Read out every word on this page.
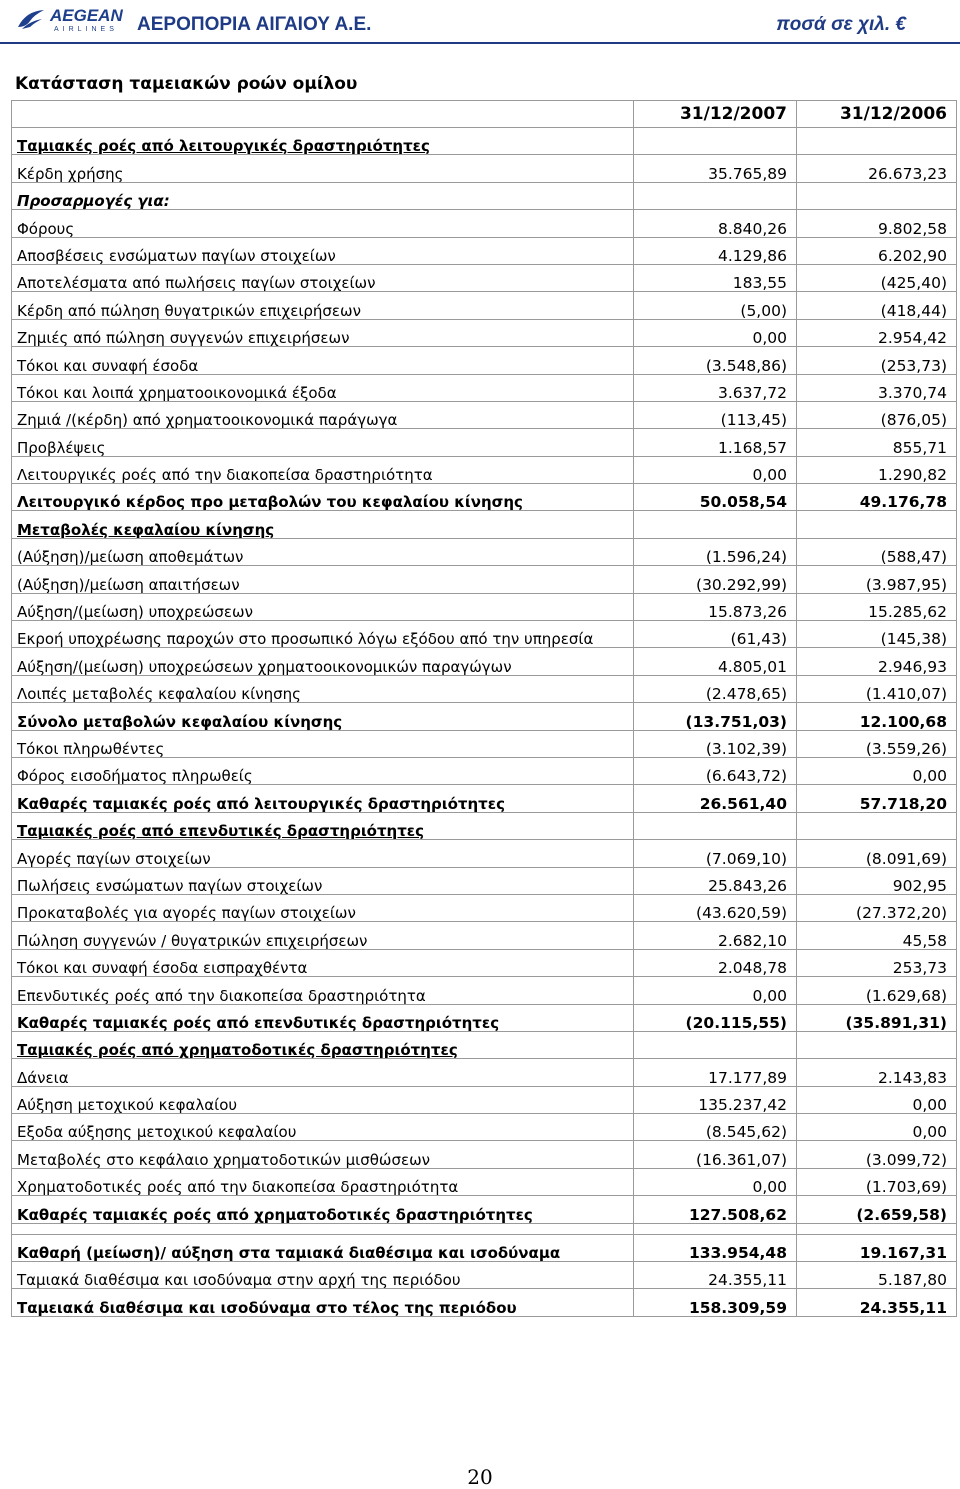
AEGEAN
AIRLINES ΑΕΡΟΠΟΡΙΑ ΑΙΓΑΙΟΥ Α.Ε.	ποσά σε χιλ. €
Κατάσταση ταμειακών ροών ομίλου
	31/12/2007	31/12/2006
Ταμιακές ροές από λειτουργικές δραστηριότητες		
Κέρδη χρήσης	35.765,89	26.673,23
Προσαρμογές για:		
Φόρους	8.840,26	9.802,58
Αποσβέσεις ενσώματων παγίων στοιχείων	4.129,86	6.202,90
Αποτελέσματα από πωλήσεις παγίων στοιχείων	183,55	(425,40)
Κέρδη από πώληση θυγατρικών επιχειρήσεων	(5,00)	(418,44)
Ζημιές από πώληση συγγενών επιχειρήσεων	0,00	2.954,42
Τόκοι και συναφή έσοδα	(3.548,86)	(253,73)
Τόκοι και λοιπά χρηματοοικονομικά έξοδα	3.637,72	3.370,74
Ζημιά /(κέρδη) από χρηματοοικονομικά παράγωγα	(113,45)	(876,05)
Προβλέψεις	1.168,57	855,71
Λειτουργικές ροές από την διακοπείσα δραστηριότητα	0,00	1.290,82
Λειτουργικό κέρδος προ μεταβολών του κεφαλαίου κίνησης	50.058,54	49.176,78
Μεταβολές κεφαλαίου κίνησης		
(Αύξηση)/μείωση αποθεμάτων	(1.596,24)	(588,47)
(Αύξηση)/μείωση απαιτήσεων	(30.292,99)	(3.987,95)
Αύξηση/(μείωση) υποχρεώσεων	15.873,26	15.285,62
Εκροή υποχρέωσης παροχών στο προσωπικό λόγω εξόδου από την υπηρεσία	(61,43)	(145,38)
Αύξηση/(μείωση) υποχρεώσεων χρηματοοικονομικών παραγώγων	4.805,01	2.946,93
Λοιπές μεταβολές κεφαλαίου κίνησης	(2.478,65)	(1.410,07)
Σύνολο μεταβολών κεφαλαίου κίνησης	(13.751,03)	12.100,68
Τόκοι πληρωθέντες	(3.102,39)	(3.559,26)
Φόρος εισοδήματος πληρωθείς	(6.643,72)	0,00
Καθαρές ταμιακές ροές από λειτουργικές δραστηριότητες	26.561,40	57.718,20
Ταμιακές ροές από επενδυτικές δραστηριότητες		
Αγορές παγίων στοιχείων	(7.069,10)	(8.091,69)
Πωλήσεις ενσώματων παγίων στοιχείων	25.843,26	902,95
Προκαταβολές για αγορές παγίων στοιχείων	(43.620,59)	(27.372,20)
Πώληση συγγενών / θυγατρικών επιχειρήσεων	2.682,10	45,58
Τόκοι και συναφή έσοδα εισπραχθέντα	2.048,78	253,73
Επενδυτικές ροές από την διακοπείσα δραστηριότητα	0,00	(1.629,68)
Καθαρές ταμιακές ροές από επενδυτικές δραστηριότητες	(20.115,55)	(35.891,31)
Ταμιακές ροές από χρηματοδοτικές δραστηριότητες		
Δάνεια	17.177,89	2.143,83
Αύξηση μετοχικού κεφαλαίου	135.237,42	0,00
Εξοδα αύξησης μετοχικού κεφαλαίου	(8.545,62)	0,00
Μεταβολές στο κεφάλαιο χρηματοδοτικών μισθώσεων	(16.361,07)	(3.099,72)
Χρηματοδοτικές ροές από την διακοπείσα δραστηριότητα	0,00	(1.703,69)
Καθαρές ταμιακές ροές από χρηματοδοτικές δραστηριότητες	127.508,62	(2.659,58)

Καθαρή (μείωση)/ αύξηση στα ταμιακά διαθέσιμα και ισοδύναμα	133.954,48	19.167,31
Ταμιακά διαθέσιμα και ισοδύναμα στην αρχή της περιόδου	24.355,11	5.187,80
Ταμειακά διαθέσιμα και ισοδύναμα στο τέλος της περιόδου	158.309,59	24.355,11
20
